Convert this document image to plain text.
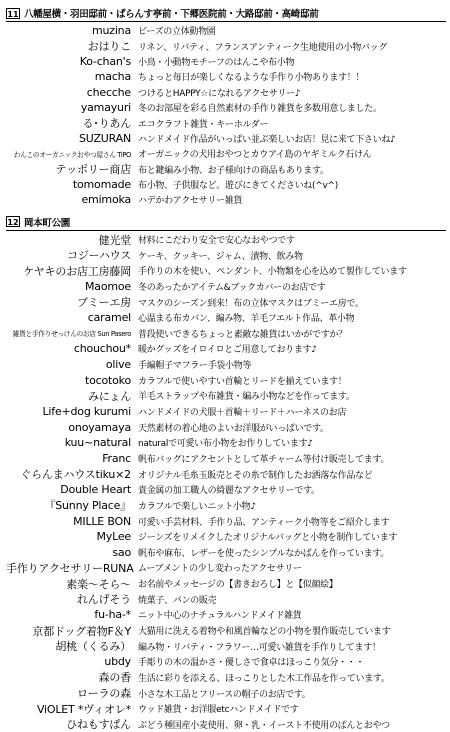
11 八幡屋横・羽田邸前・ぱらんす亭前・下郷医院前・大路邸前・高崎邸前
muzina ビーズの立体動物園
おはりこ リネン、リバティ、フランスアンティーク生地使用の小物バッグ
Ko-chan's 小鳥・小動物モチーフのはんこや布小物
macha ちょっと毎日が楽しくなるような手作り小物あります！！
checche つけるとHAPPY☆になれるアクセサリー♪
yamayuri 冬のお部屋を彩る自然素材の手作り雑貨を多数用意しました。
る･りあん エコクラフト雑貨・キーホルダー
SUZURAN ハンドメイド作品がいっぱい並ぶ楽しいお店！見に来て下さいね♪
わんこのオーガニックおやつ屋さん TiPO オーガニックの犬用おやつとカウアイ島のヤギミルク石けん
テッポリー商店 布と鍵編み小物、お子様向けの商品もあります。
tomomade 布小物、子供服など。遊びにきてくださいね(^v^)
emimoka ハデかわアクセサリー雑貨
12 岡本町公園
健光堂 材料にこだわり安全で安心なおやつです
コジーハウス ケーキ、クッキー、ジャム、漬物、飲み物
ケヤキのお店工房藤岡 手作りの木を使い、ペンダント、小物類を心を込めて製作しています
Maomoe 冬のあったかアイテム&ブックカバーのお店です
ブミーエ房 マスクのシーズン到来！布の立体マスクはブミーエ房で。
caramel 心温まる布カバン、編み物、羊毛フエルト作品、革小物
雑貨と手作りせっけんのお店 Sun Pasero 普段使いできるちょっと素敵な雑貨はいかがですか？
chouchou* 暖かグッズをイロイロとご用意しております♪
olive 手編帽子マフラー手袋小物等
tocotoko カラフルで使いやすい首輪とリードを揃えています！
みにょん 羊毛ストラップや布雑貨・編み小物などを作ってます。
Life+dog kurumi ハンドメイドの犬服＋首輪＋リード＋ハーネスのお店
onoyamaya 天然素材の着心地のよいお洋服がいっぱいです。
kuu~natural naturalで可愛い布小物をお作りしています♪
Franc 帆布バッグにアクセントとして革チャーム等付け販売してます。
ぐらんまハウスtiku×2 オリジナル毛糸玉販売とその糸で制作したお洒落な作品など
Double Heart 貴金属の加工職人の綺麗なアクセサリーです。
『Sunny Place』 カラフルで楽しいニット小物♪
MILLE BON 可愛い手芸材料、手作り品、アンティーク小物等をご紹介します
MyLee ジーンズをリメイクしたオリジナルバッグと小物を制作しています
sao 帆布や麻布、レザーを使ったシンプルなかばんを作っています。
手作りアクセサリーRUNA ムーブメントの少し変わったアクセサリー
素楽～そら～ お名前やメッセージの【書きおろし】と【似顔絵】
れんげそう 焼菓子、パンの販売
fu-ha-* ニット中心のナチュラルハンドメイド雑貨
京都ドッグ着物F＆Y 大猫用に洗える着物や和風首輪などの小物を製作販売しています
胡桃（くるみ） 編み物・リバティ・フラワー…可愛い雑貨を手作りしてます！
ubdy 手彫りの木の温かさ・優しさで食卓はほっこり気分・・・
森の香 生活に彩りを添える、ほっこりとした木工作品を作っています。
ローラの森 小さな木工品とフリースの帽子のお店です。
ViOLET *ヴィオレ* ウッド雑貨・お洋服etcハンドメイドです
ひねもすぱん ぶどう種国産小麦使用、卵・乳・イースト不使用のぱんとおやつ
